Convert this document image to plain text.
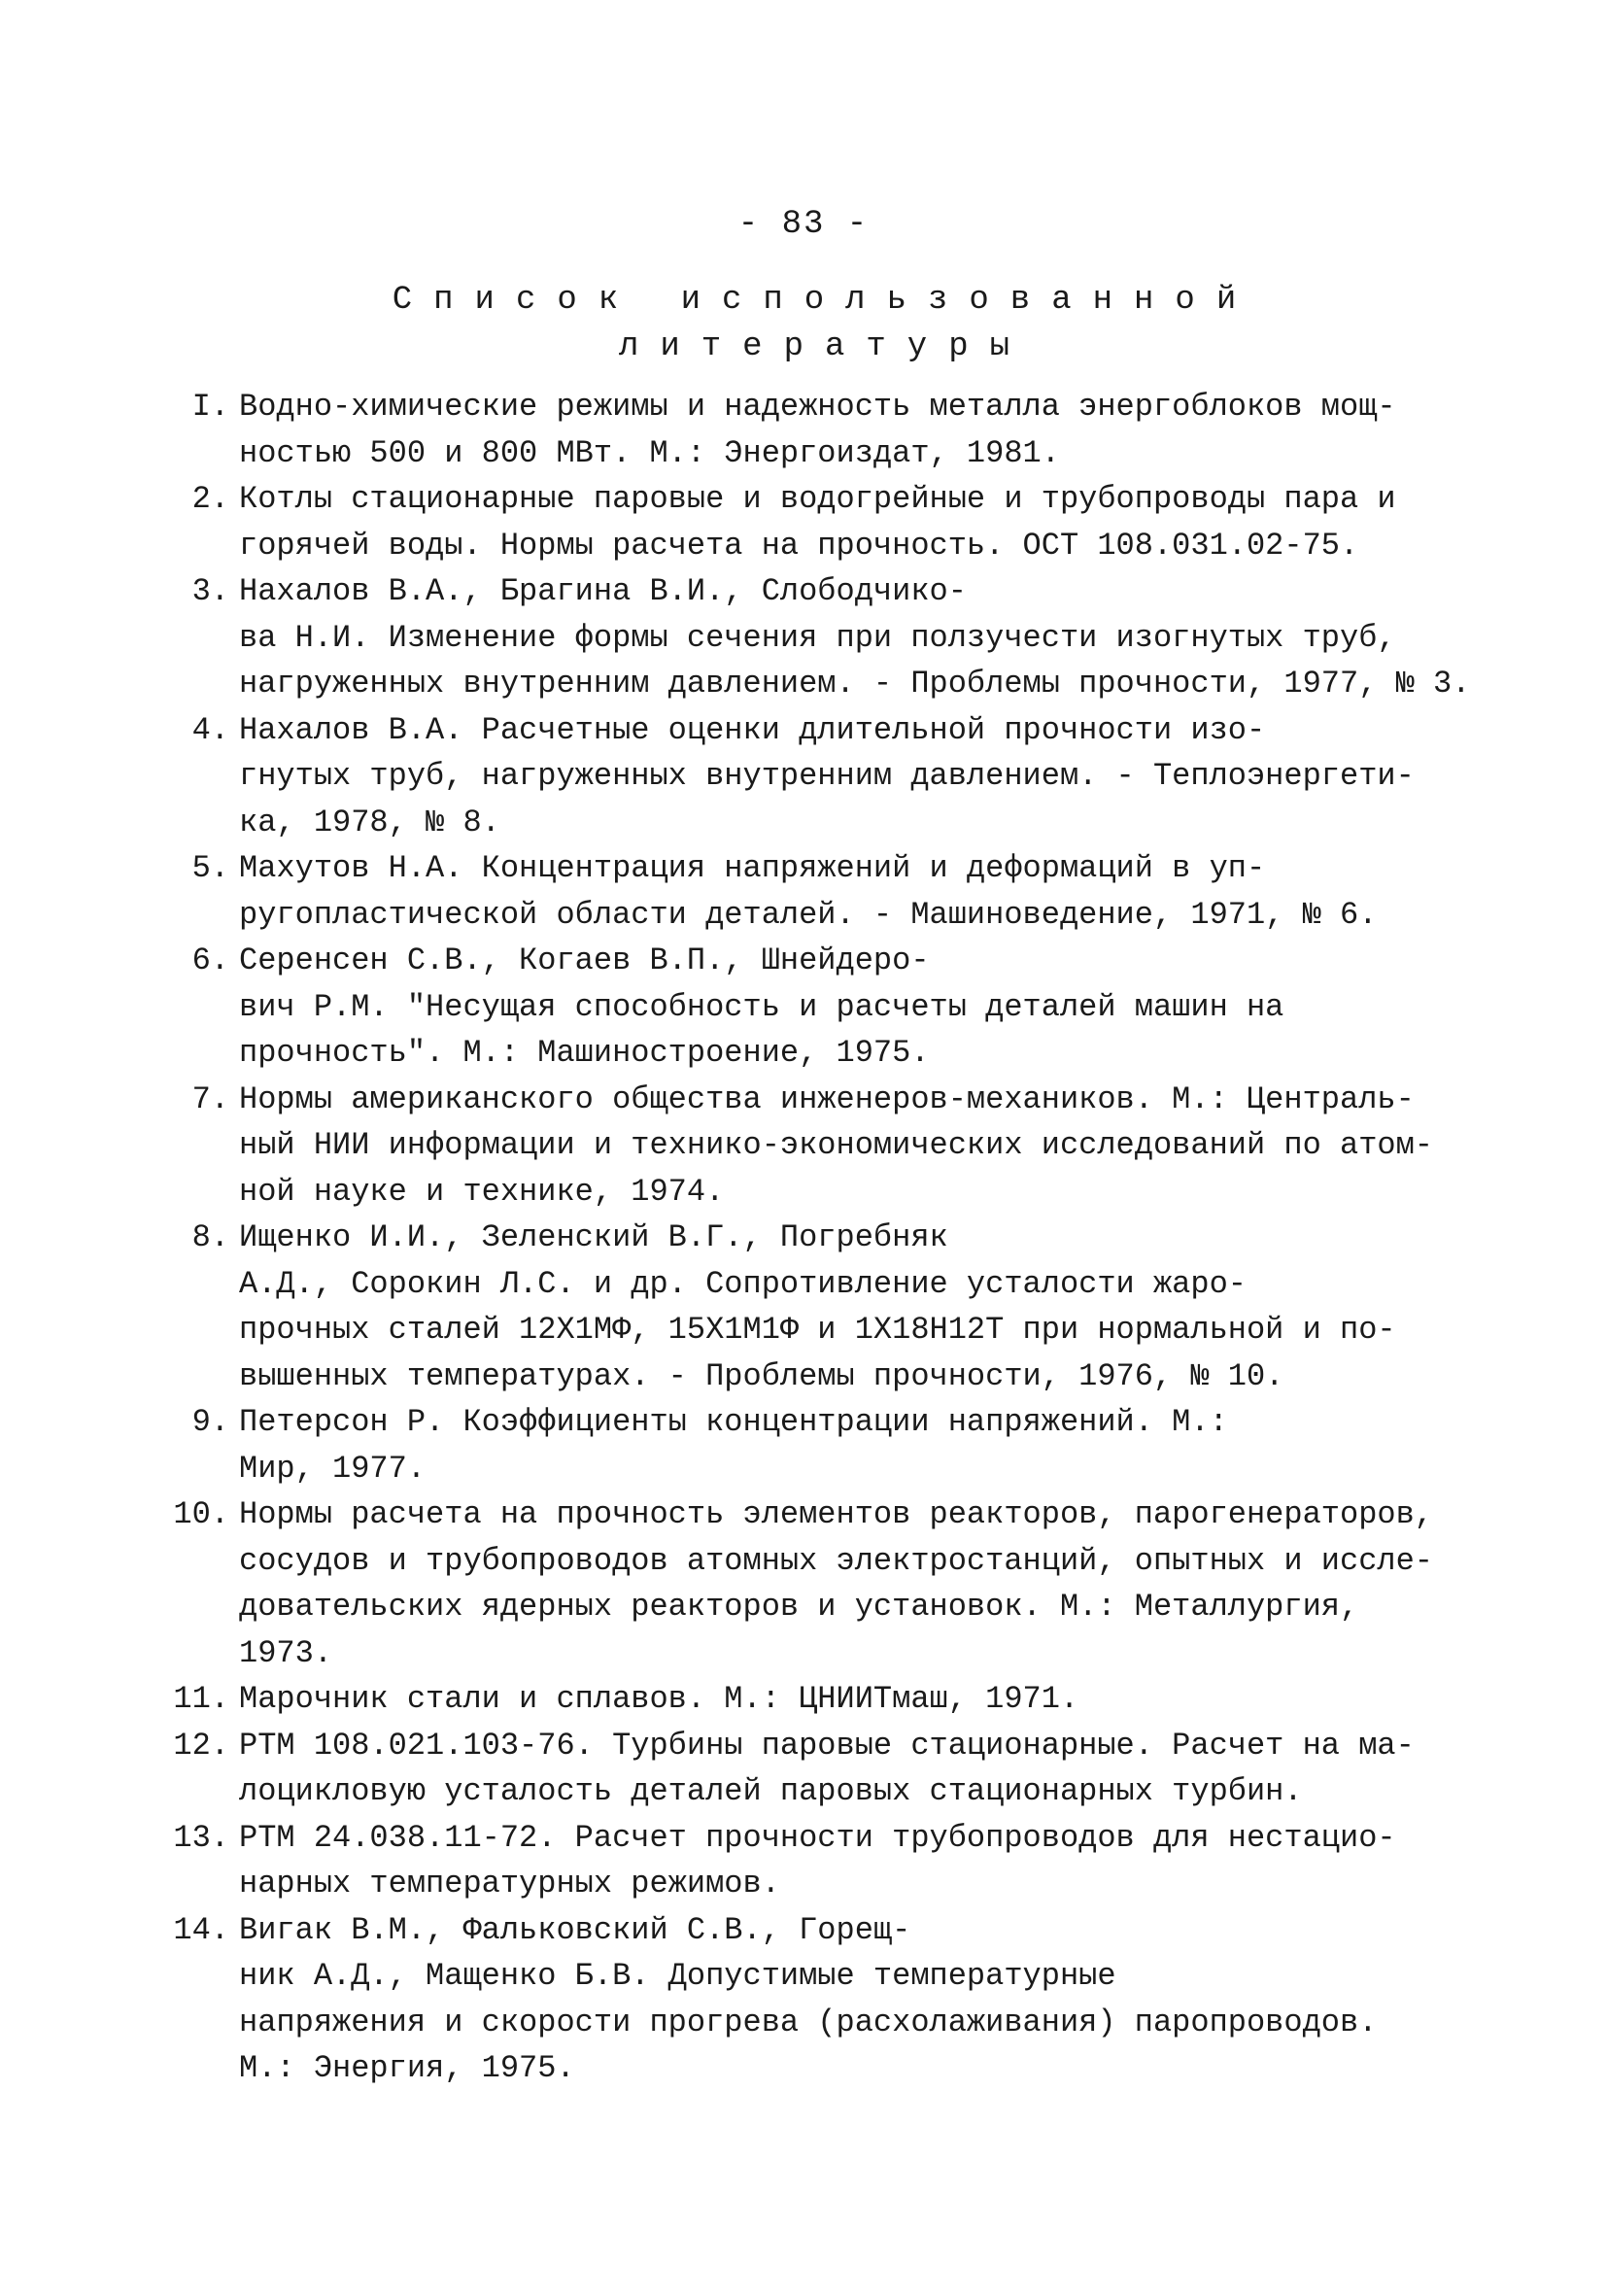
- 83 -
Список использованной
литературы
I. Водно-химические режимы и надежность металла энергоблоков мощ-
ностью 500 и 800 МВт. М.: Энергоиздат, 1981.
2. Котлы стационарные паровые и водогрейные и трубопроводы пара и
горячей воды. Нормы расчета на прочность. ОСТ 108.031.02-75.
3. Нахалов В.А., Брагина В.И., Слободчико-
ва Н.И. Изменение формы сечения при ползучести изогнутых труб,
нагруженных внутренним давлением. - Проблемы прочности, 1977, № 3.
4. Нахалов В.А. Расчетные оценки длительной прочности изо-
гнутых труб, нагруженных внутренним давлением. - Теплоэнергети-
ка, 1978, № 8.
5. Махутов Н.А. Концентрация напряжений и деформаций в уп-
ругопластической области деталей. - Машиноведение, 1971, № 6.
6. Серенсен С.В., Когаев В.П., Шнейдеро-
вич Р.М. "Несущая способность и расчеты деталей машин на
прочность". М.: Машиностроение, 1975.
7. Нормы американского общества инженеров-механиков. М.: Централь-
ный НИИ информации и технико-экономических исследований по атом-
ной науке и технике, 1974.
8. Ищенко И.И., Зеленский В.Г., Погребняк
А.Д., Сорокин Л.С. и др. Сопротивление усталости жаро-
прочных сталей 12Х1МФ, 15Х1М1Ф и 1Х18Н12Т при нормальной и по-
вышенных температурах. - Проблемы прочности, 1976, № 10.
9. Петерсон Р. Коэффициенты концентрации напряжений. М.:
Мир, 1977.
10. Нормы расчета на прочность элементов реакторов, парогенераторов,
сосудов и трубопроводов атомных электростанций, опытных и иссле-
довательских ядерных реакторов и установок. М.: Металлургия,
1973.
11. Марочник стали и сплавов. М.: ЦНИИТмаш, 1971.
12. РТМ 108.021.103-76. Турбины паровые стационарные. Расчет на ма-
лоцикловую усталость деталей паровых стационарных турбин.
13. РТМ 24.038.11-72. Расчет прочности трубопроводов для нестацио-
нарных температурных режимов.
14. Вигак В.М., Фальковский С.В., Горещ-
ник А.Д., Мащенко Б.В. Допустимые температурные
напряжения и скорости прогрева (расхолаживания) паропроводов.
М.: Энергия, 1975.
